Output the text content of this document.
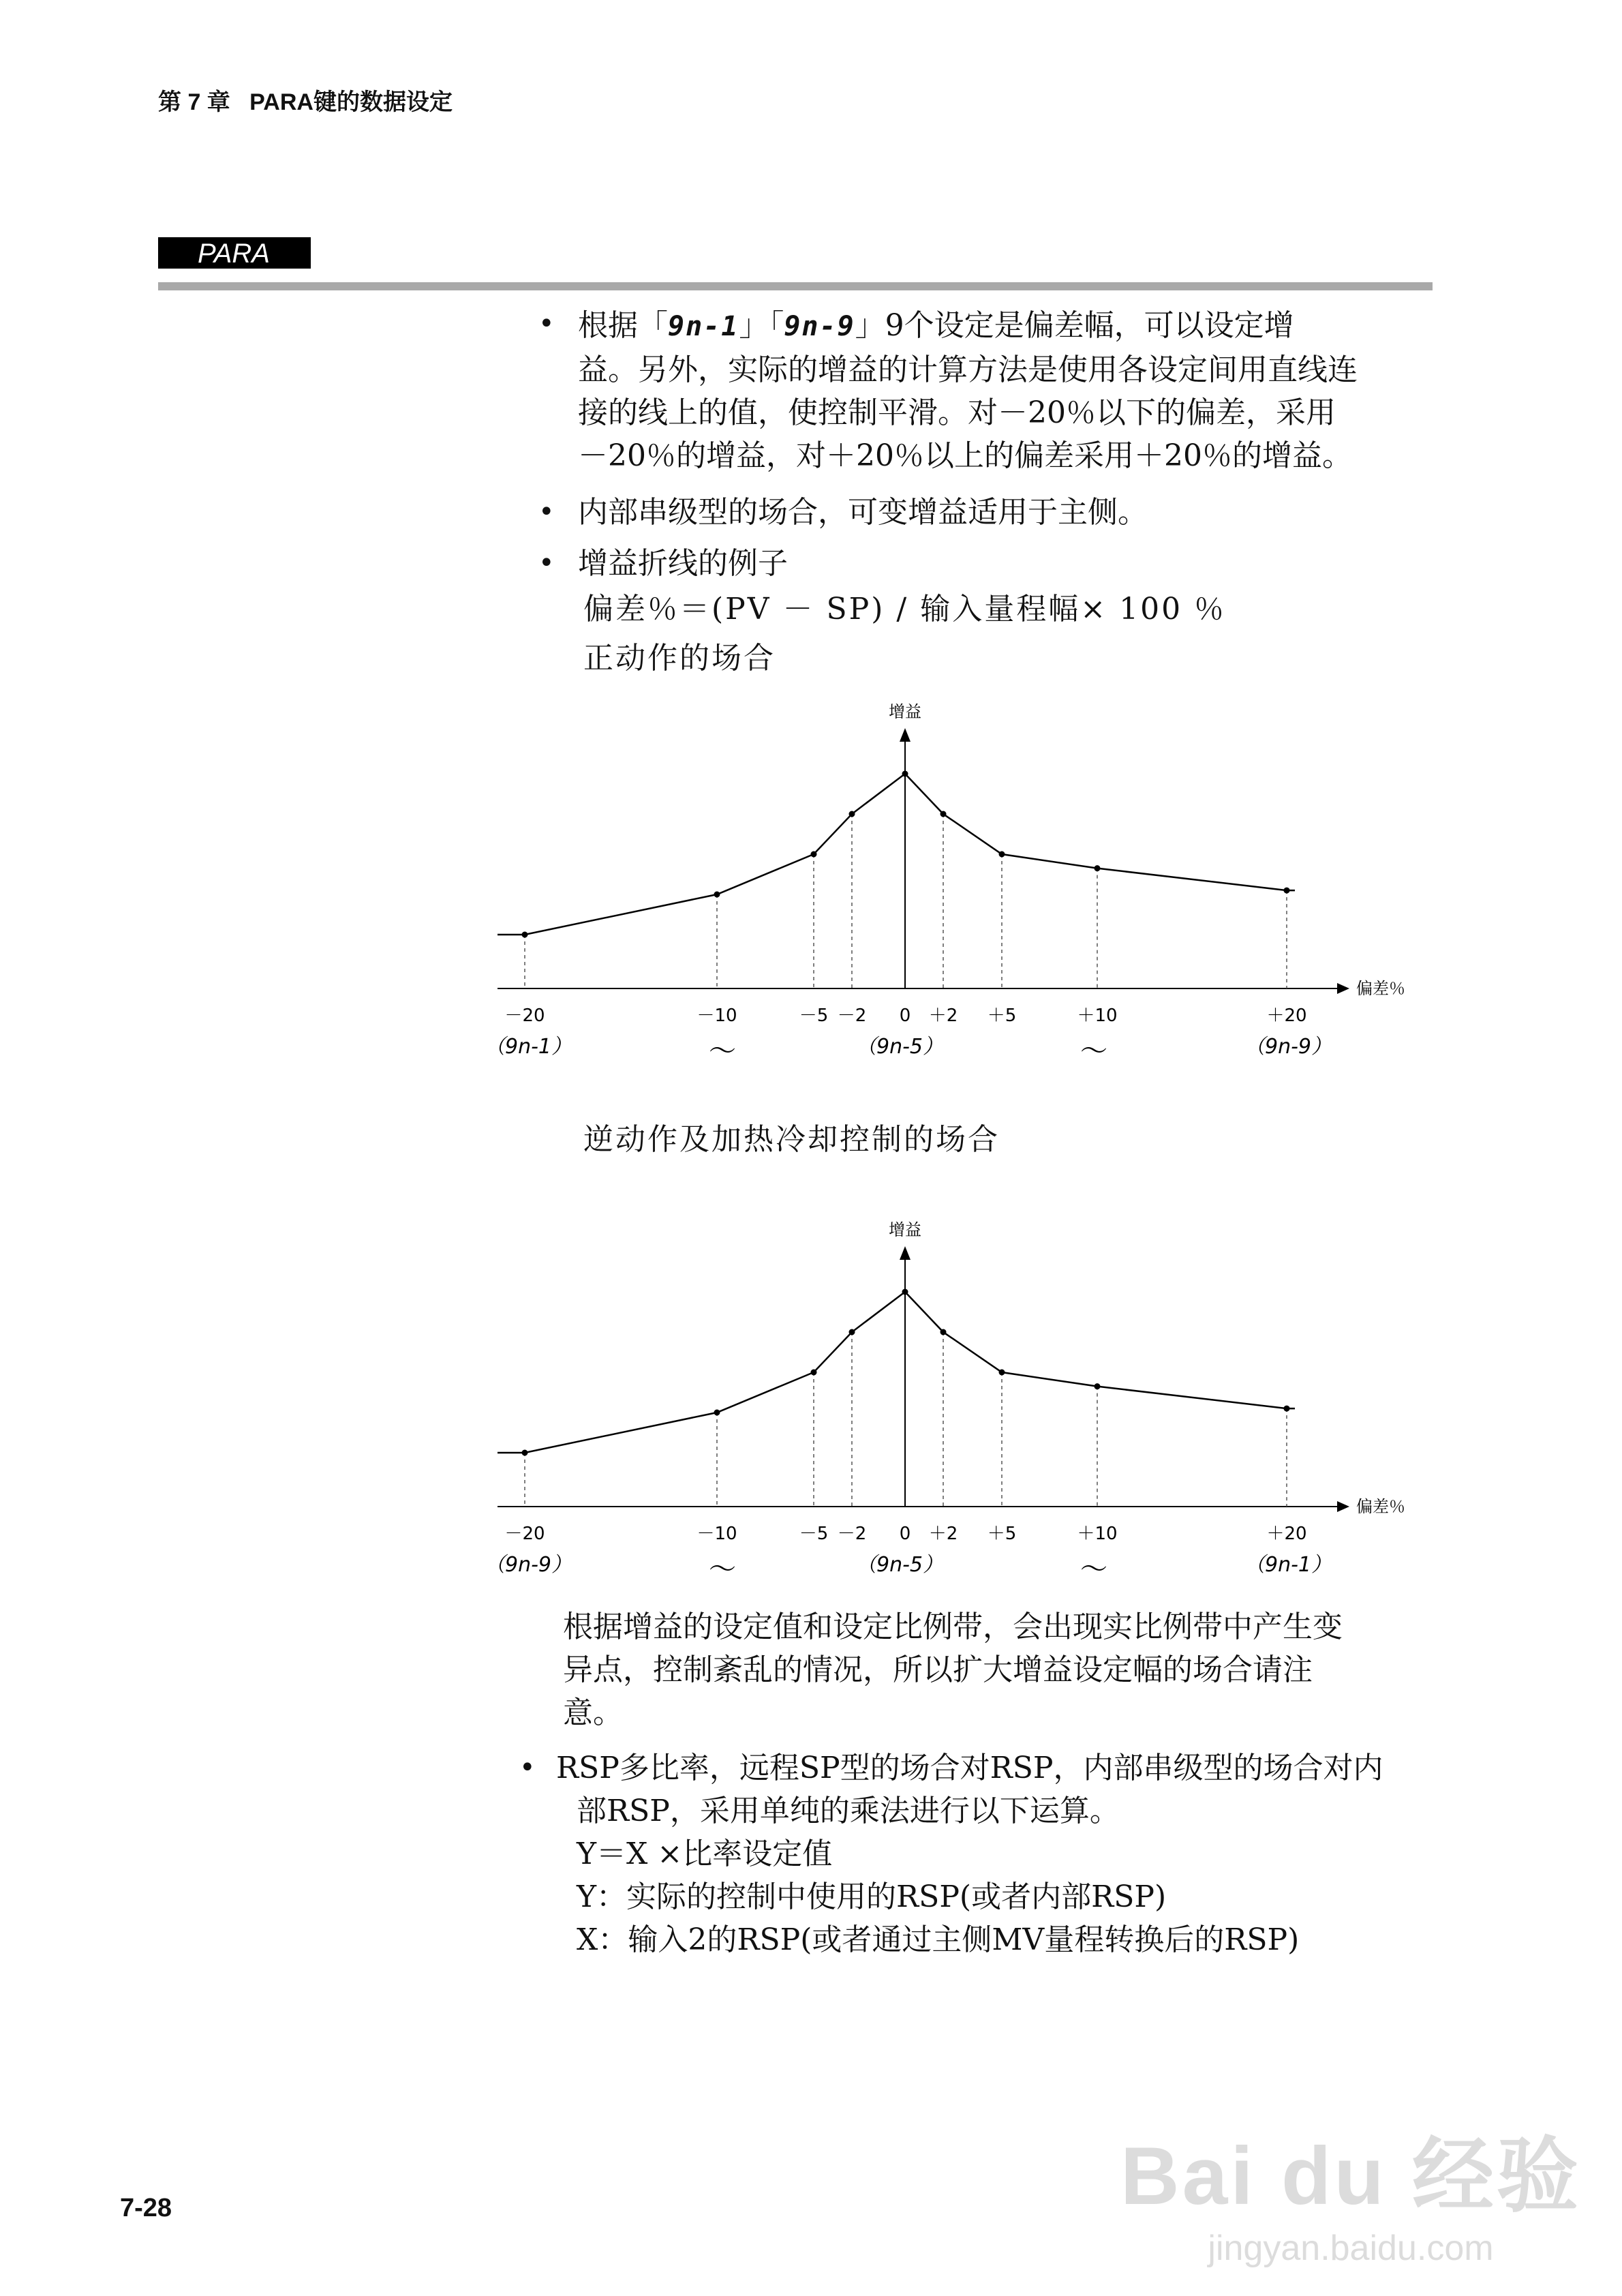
第 7 章 PARA键的数据设定
PARA
• 根据「9n-1」「9n-9」9个设定是偏差幅，可以设定增
益。另外，实际的增益的计算方法是使用各设定间用直线连
接的线上的值，使控制平滑。对－20％以下的偏差，采用
－20％的增益，对＋20％以上的偏差采用＋20％的增益。
• 内部串级型的场合，可变增益适用于主侧。
• 增益折线的例子
偏差％＝(PV － SP) / 输入量程幅× 100 ％
正动作的场合
增益
偏差％
－20	－10	－5 －2 0 ＋2 ＋5	＋10	＋20
（9n-1）	〜	（9n-5）	〜	（9n-9）
逆动作及加热冷却控制的场合
增益
偏差％
－20	－10	－5 －2 0 ＋2 ＋5	＋10	＋20
（9n-9）	〜	（9n-5）	〜	（9n-1）
根据增益的设定值和设定比例带，会出现实比例带中产生变
异点，控制紊乱的情况，所以扩大增益设定幅的场合请注
意。
• RSP多比率，远程SP型的场合对RSP，内部串级型的场合对内
部RSP，采用单纯的乘法进行以下运算。
Y＝X ×比率设定值
Y：实际的控制中使用的RSP(或者内部RSP)
X：输入2的RSP(或者通过主侧MV量程转换后的RSP)
7-28	Bai du 经验
jingyan.baidu.com
